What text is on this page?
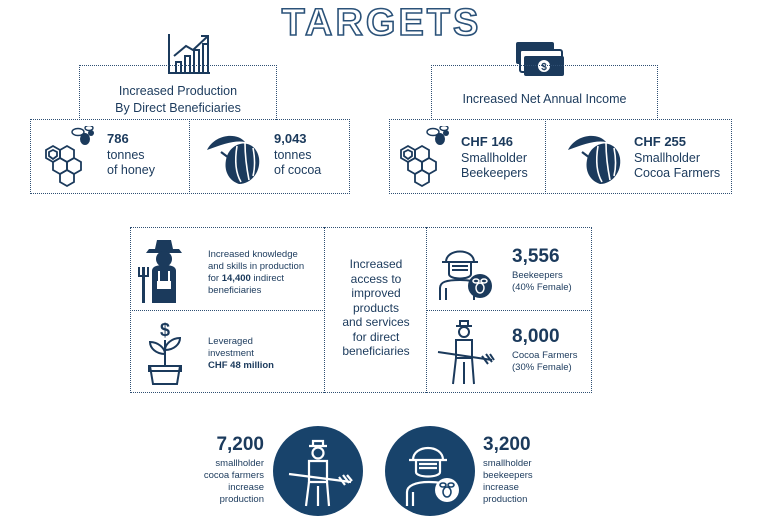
TARGETS
Increased Production
By Direct Beneficiaries
786
tonnes
of honey
9,043
tonnes
of cocoa
$
Increased Net Annual Income
CHF 146
Smallholder
Beekeepers
CHF 255
Smallholder
Cocoa Farmers
Increased knowledge
and skills in production
for 14,400 indirect
beneficiaries
$
Leveraged
investment
CHF 48 million
Increased
access to
improved
products
and services
for direct
beneficiaries
3,556
Beekeepers
(40% Female)
8,000
Cocoa Farmers
(30% Female)
7,200
smallholder
cocoa farmers
increase
production
3,200
smallholder
beekeepers
increase
production
